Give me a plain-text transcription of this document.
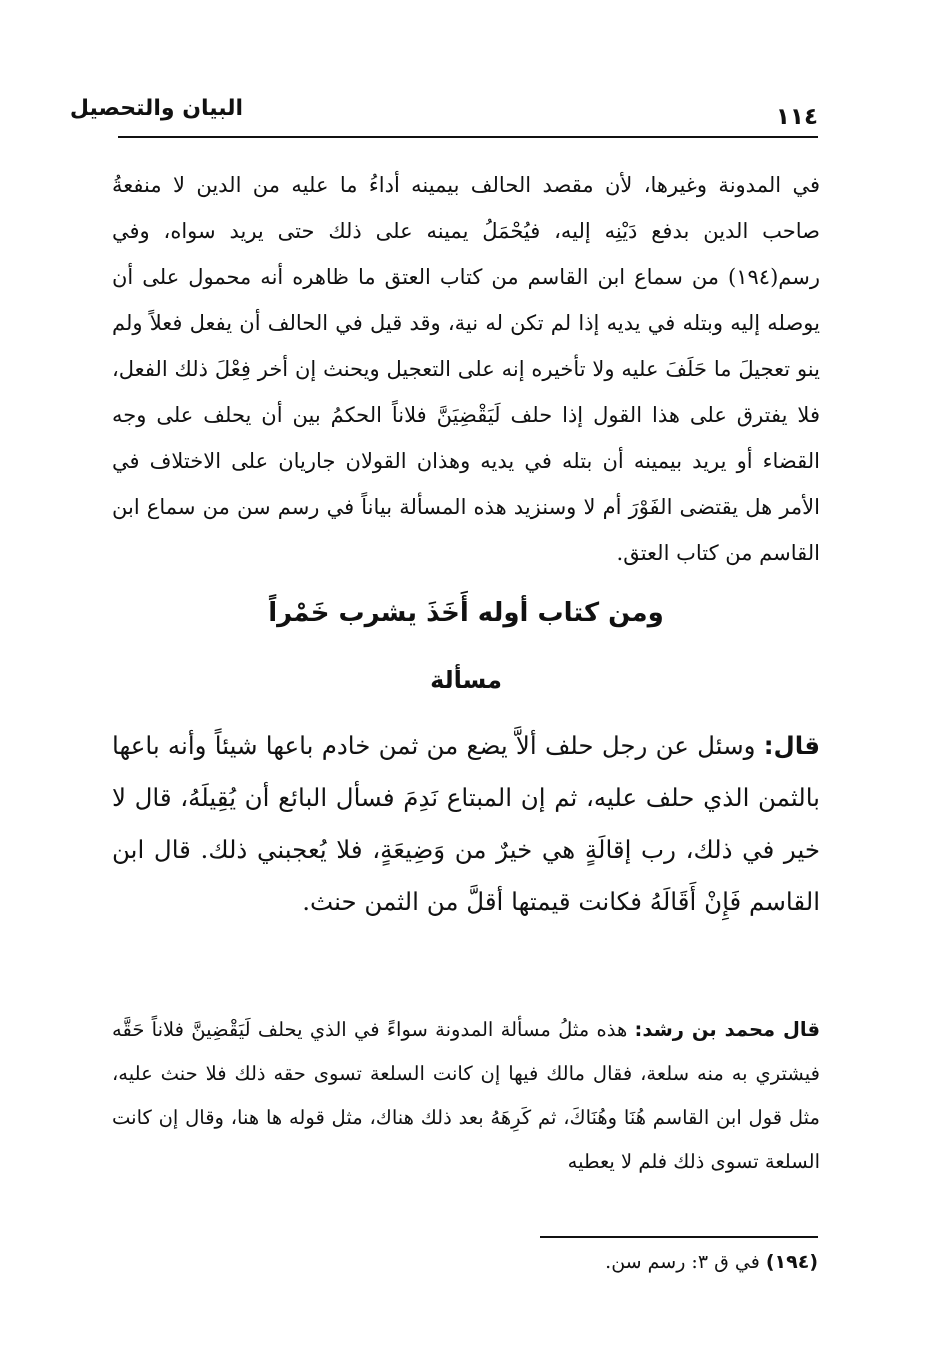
١١٤
البيان والتحصيل

في المدونة وغيرها، لأن مقصد الحالف بيمينه أداءُ ما عليه من الدين لا منفعةُ صاحب الدين بدفع دَيْنِه إليه، فيُحْمَلُ يمينه على ذلك حتى يريد سواه، وفي رسم(١٩٤) من سماع ابن القاسم من كتاب العتق ما ظاهره أنه محمول على أن يوصله إليه وبتله في يديه إذا لم تكن له نية، وقد قيل في الحالف أن يفعل فعلاً ولم ينو تعجيلَ ما حَلَفَ عليه ولا تأخيره إنه على التعجيل ويحنث إن أخر فِعْلَ ذلك الفعل، فلا يفترق على هذا القول إذا حلف لَيَقْضِيَنَّ فلاناً الحكمُ بين أن يحلف على وجه القضاء أو يريد بيمينه أن بتله في يديه وهذان القولان جاريان على الاختلاف في الأمر هل يقتضى الفَوْرَ أم لا وسنزيد هذه المسألة بياناً في رسم سن من سماع ابن القاسم من كتاب العتق.

ومن كتاب أوله أَخَذَ يشرب خَمْراً
مسألة

قال: وسئل عن رجل حلف ألاَّ يضع من ثمن خادم باعها شيئاً وأنه باعها بالثمن الذي حلف عليه، ثم إن المبتاع نَدِمَ فسأل البائع أن يُقِيلَهُ، قال لا خير في ذلك، رب إقالَةٍ هي خيرٌ من وَضِيعَةٍ، فلا يُعجبني ذلك. قال ابن القاسم فَإِنْ أَقَالَهُ فكانت قيمتها أقلَّ من الثمن حنث.

قال محمد بن رشد: هذه مثلُ مسألة المدونة سواءً في الذي يحلف لَيَقْضِينَّ فلاناً حَقَّه فيشتري به منه سلعة، فقال مالك فيها إن كانت السلعة تسوى حقه ذلك فلا حنث عليه، مثل قول ابن القاسم هُنَا وهُنَاكَ، ثم كَرِهَهُ بعد ذلك هناك، مثل قوله ها هنا، وقال إن كانت السلعة تسوى ذلك فلم لا يعطيه

(١٩٤) في ق ٣: رسم سن.
